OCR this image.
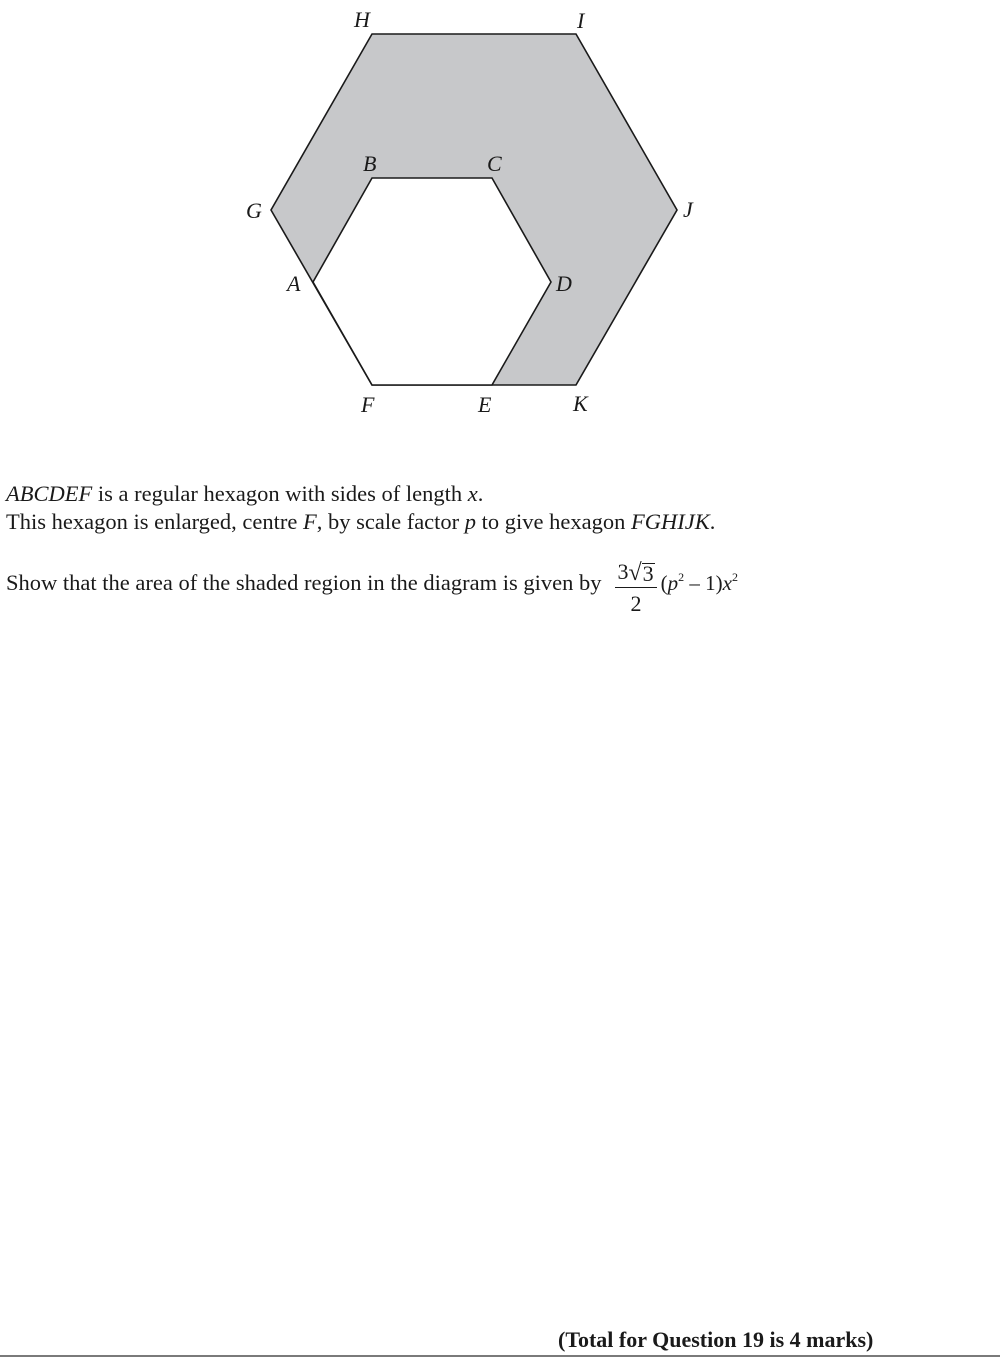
H	I
B	C
G	J
A	D
F	E	K
ABCDEF is a regular hexagon with sides of length x.
This hexagon is enlarged, centre F, by scale factor p to give hexagon FGHIJK.
Show that the area of the shaded region in the diagram is given by $\frac{3 √ 3}{2} (p^2 - 1)x^2$
(Total for Question 19 is 4 marks)
